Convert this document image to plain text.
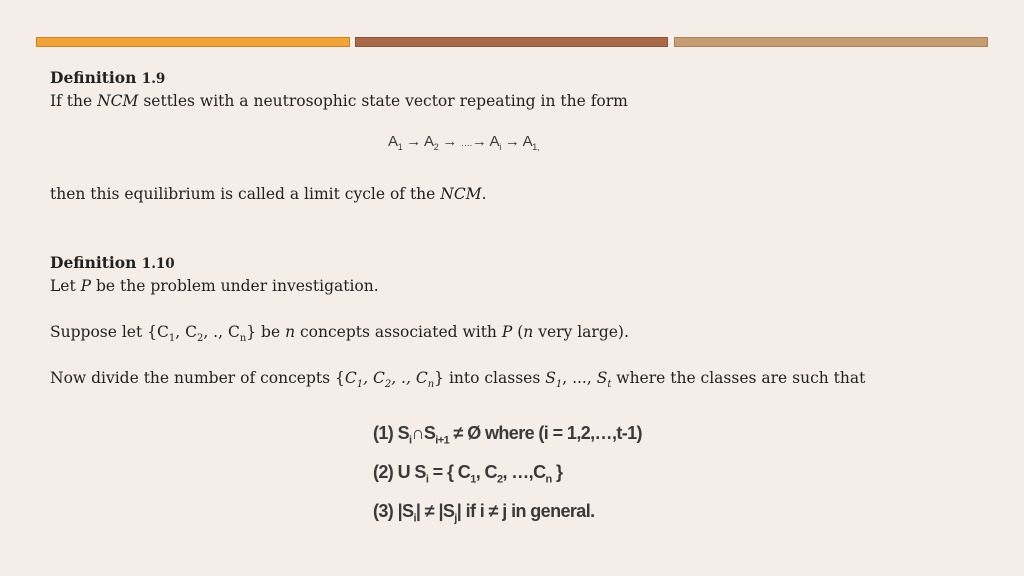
Definition 1.9
If the NCM settles with a neutrosophic state vector repeating in the form
$A_1 \to A_2$ → ….→ $A_i \to A_{1,}$
then this equilibrium is called a limit cycle of the NCM.
Definition 1.10
Let P be the problem under investigation.
Suppose let {$C_1$, $C_2$, ., $C_n$} be n concepts associated with P (n very large).
Now divide the number of concepts {$C_1$, $C_2$, ., $C_n$} into classes $S_1$, ..., $S_t$ where the classes are such that
(1) $S_i\cap S_{i+1}$ ≠ Ø where (i = 1,2,…,t-1)
(2) U $S_i$ = { $C_1$, $C_2$, $\dots,C_n$ }
(3) $|S_i| \ne |S_j|$ if i ≠ j in general.
